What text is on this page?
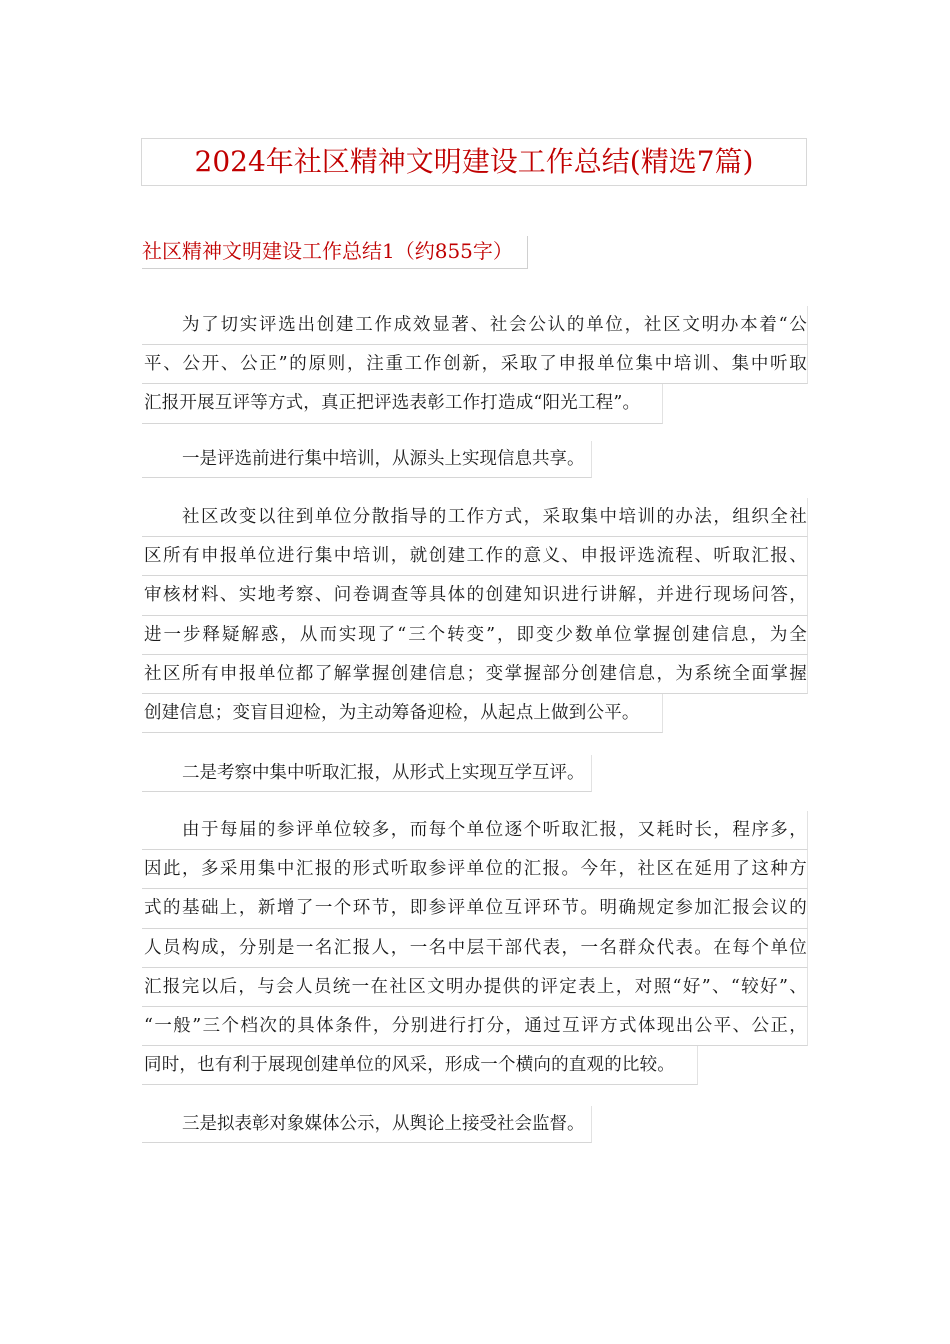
2024年社区精神文明建设工作总结(精选7篇)
社区精神文明建设工作总结1（约855字）
为了切实评选出创建工作成效显著、社会公认的单位，社区文明办本着“公
平、公开、公正”的原则，注重工作创新，采取了申报单位集中培训、集中听取
汇报开展互评等方式，真正把评选表彰工作打造成“阳光工程”。
一是评选前进行集中培训，从源头上实现信息共享。
社区改变以往到单位分散指导的工作方式，采取集中培训的办法，组织全社
区所有申报单位进行集中培训，就创建工作的意义、申报评选流程、听取汇报、
审核材料、实地考察、问卷调查等具体的创建知识进行讲解，并进行现场问答，
进一步释疑解惑，从而实现了“三个转变”，即变少数单位掌握创建信息，为全
社区所有申报单位都了解掌握创建信息；变掌握部分创建信息，为系统全面掌握
创建信息；变盲目迎检，为主动筹备迎检，从起点上做到公平。
二是考察中集中听取汇报，从形式上实现互学互评。
由于每届的参评单位较多，而每个单位逐个听取汇报，又耗时长，程序多，
因此，多采用集中汇报的形式听取参评单位的汇报。今年，社区在延用了这种方
式的基础上，新增了一个环节，即参评单位互评环节。明确规定参加汇报会议的
人员构成，分别是一名汇报人，一名中层干部代表，一名群众代表。在每个单位
汇报完以后，与会人员统一在社区文明办提供的评定表上，对照“好”、“较好”、
“一般”三个档次的具体条件，分别进行打分，通过互评方式体现出公平、公正，
同时，也有利于展现创建单位的风采，形成一个横向的直观的比较。
三是拟表彰对象媒体公示，从舆论上接受社会监督。
